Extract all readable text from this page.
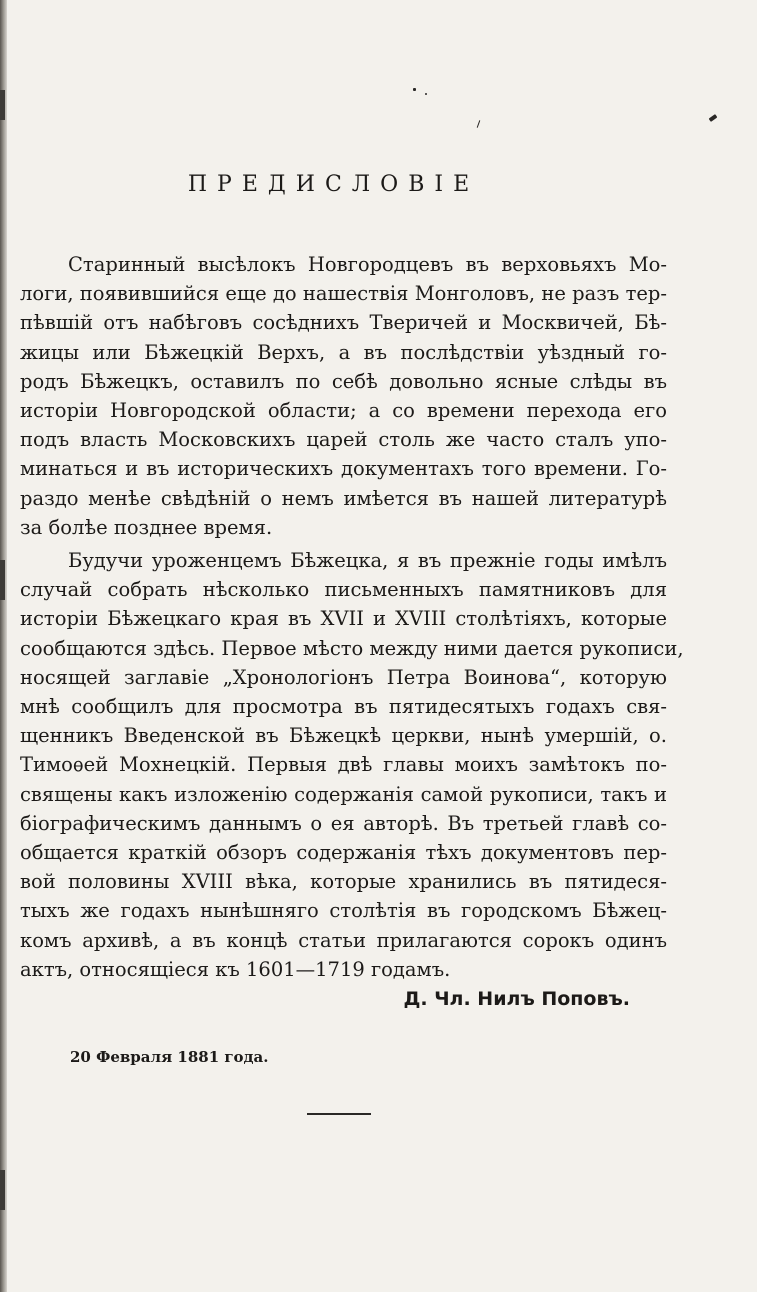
ПРЕДИСЛОВІЕ
Старинный высѣлокъ Новгородцевъ въ верховьяхъ Мо-
логи, появившийся еще до нашествія Монголовъ, не разъ тер-
пѣвшій отъ набѣговъ сосѣднихъ Тверичей и Москвичей, Бѣ-
жицы или Бѣжецкій Верхъ, а въ послѣдствіи уѣздный го-
родъ Бѣжецкъ, оставилъ по себѣ довольно ясные слѣды въ
исторіи Новгородской области; а со времени перехода его
подъ власть Московскихъ царей столь же часто сталъ упо-
минаться и въ историческихъ документахъ того времени. Го-
раздо менѣе свѣдѣній о немъ имѣется въ нашей литературѣ
за болѣе позднее время.
Будучи уроженцемъ Бѣжецка, я въ прежніе годы имѣлъ
случай собрать нѣсколько письменныхъ памятниковъ для
исторіи Бѣжецкаго края въ XVII и XVIII столѣтіяхъ, которые
сообщаются здѣсь. Первое мѣсто между ними дается рукописи,
носящей заглавіе „Хронологіонъ Петра Воинова“, которую
мнѣ сообщилъ для просмотра въ пятидесятыхъ годахъ свя-
щенникъ Введенской въ Бѣжецкѣ церкви, нынѣ умершій, о.
Тимоѳей Мохнецкій. Первыя двѣ главы моихъ замѣтокъ по-
священы какъ изложенію содержанія самой рукописи, такъ и
біографическимъ даннымъ о ея авторѣ. Въ третьей главѣ со-
общается краткій обзоръ содержанія тѣхъ документовъ пер-
вой половины XVIII вѣка, которые хранились въ пятидеся-
тыхъ же годахъ нынѣшняго столѣтія въ городскомъ Бѣжец-
комъ архивѣ, а въ концѣ статьи прилагаются сорокъ одинъ
актъ, относящіеся къ 1601—1719 годамъ.
Д. Чл. Нилъ Поповъ.
20 Февраля 1881 года.
